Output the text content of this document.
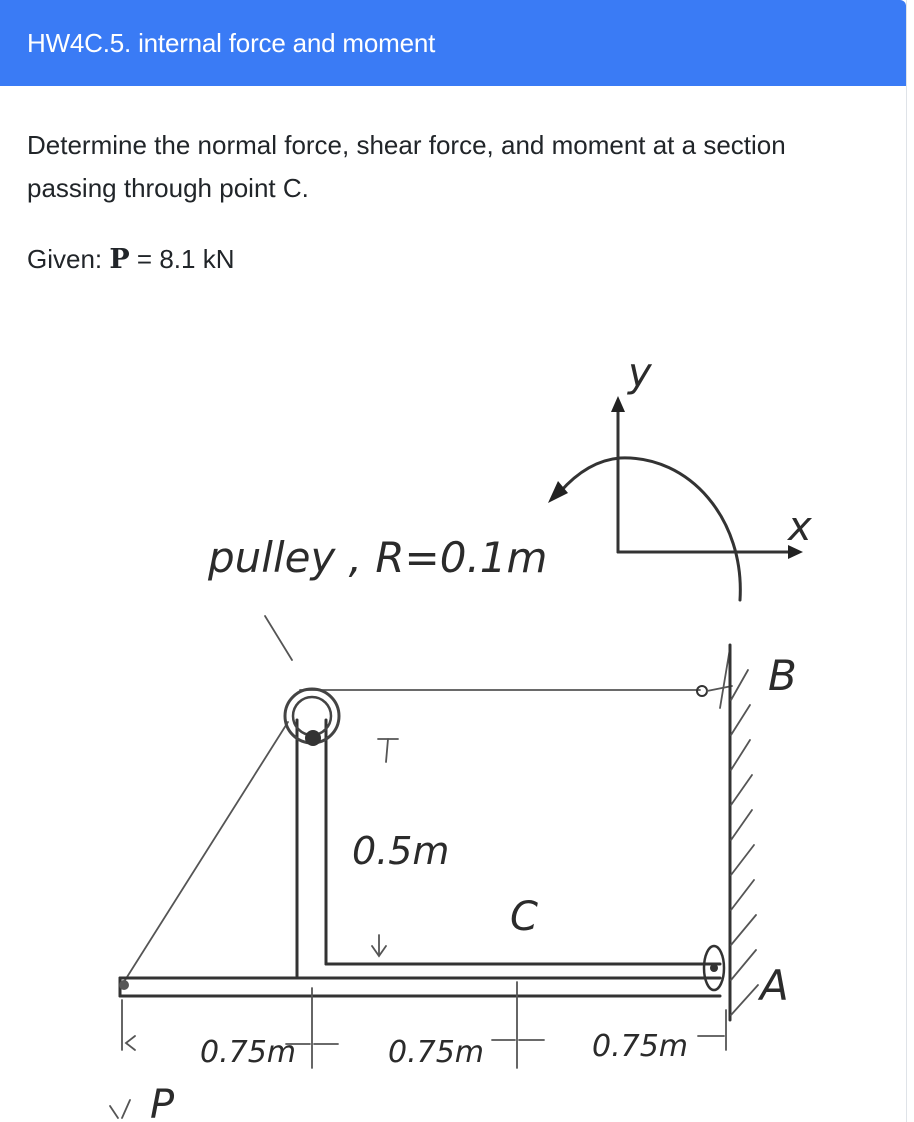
HW4C.5. internal force and moment

Determine the normal force, shear force, and moment at a section passing through point C.

Given: P = 8.1 kN

y
x
pulley , R=0.1m
B
A
0.5m
C
0.75m	0.75m	0.75m
P
